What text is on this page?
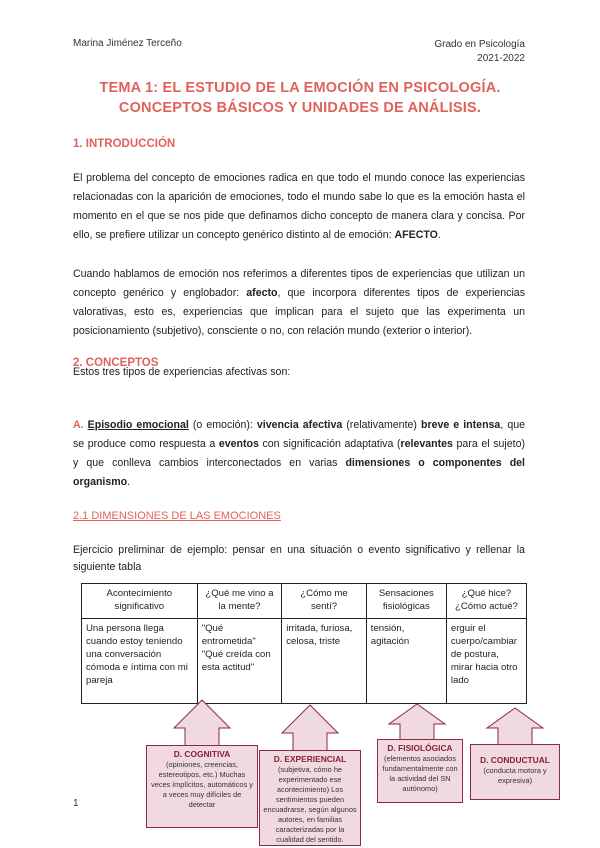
Marina Jiménez Terceño	Grado en Psicología
2021-2022
TEMA 1: EL ESTUDIO DE LA EMOCIÓN EN PSICOLOGÍA.
CONCEPTOS BÁSICOS Y UNIDADES DE ANÁLISIS.
1. INTRODUCCIÓN
El problema del concepto de emociones radica en que todo el mundo conoce las experiencias relacionadas con la aparición de emociones, todo el mundo sabe lo que es la emoción hasta el momento en el que se nos pide que definamos dicho concepto de manera clara y concisa. Por ello, se prefiere utilizar un concepto genérico distinto al de emoción: AFECTO.
Cuando hablamos de emoción nos referimos a diferentes tipos de experiencias que utilizan un concepto genérico y englobador: afecto, que incorpora diferentes tipos de experiencias valorativas, esto es, experiencias que implican para el sujeto que las experimenta un posicionamiento (subjetivo), consciente o no, con relación mundo (exterior o interior).
2. CONCEPTOS
Estos tres tipos de experiencias afectivas son:
A. Episodio emocional (o emoción): vivencia afectiva (relativamente) breve e intensa, que se produce como respuesta a eventos con significación adaptativa (relevantes para el sujeto) y que conlleva cambios interconectados en varias dimensiones o componentes del organismo.
2.1 DIMENSIONES DE LAS EMOCIONES
Ejercicio preliminar de ejemplo: pensar en una situación o evento significativo y rellenar la siguiente tabla
Acontecimiento significativo	¿Qué me vino a la mente?	¿Cómo me sentí?	Sensaciones fisiológicas	¿Qué hice? ¿Cómo actué?
Una persona llega cuando estoy teniendo una conversación cómoda e íntima con mi pareja	"Qué entrometida" "Qué creída con esta actitud"	irritada, furiosa, celosa, triste	tensión, agitación	erguir el cuerpo/cambiar de postura, mirar hacia otro lado
D. COGNITIVA
(opiniones, creencias, estereotipos, etc.) Muchas veces implícitos, automáticos y a veces muy difíciles de detectar
D. EXPERIENCIAL
(subjetiva, cómo he experimentado ese acontecimiento) Los sentimientos pueden encuadrarse, según algunos autores, en familias caracterizadas por la cualidad del sentido.
D. FISIOLÓGICA
(elementos asociados fundamentalmente con la actividad del SN autónomo)
D. CONDUCTUAL
(conducta motora y expresiva)
1
